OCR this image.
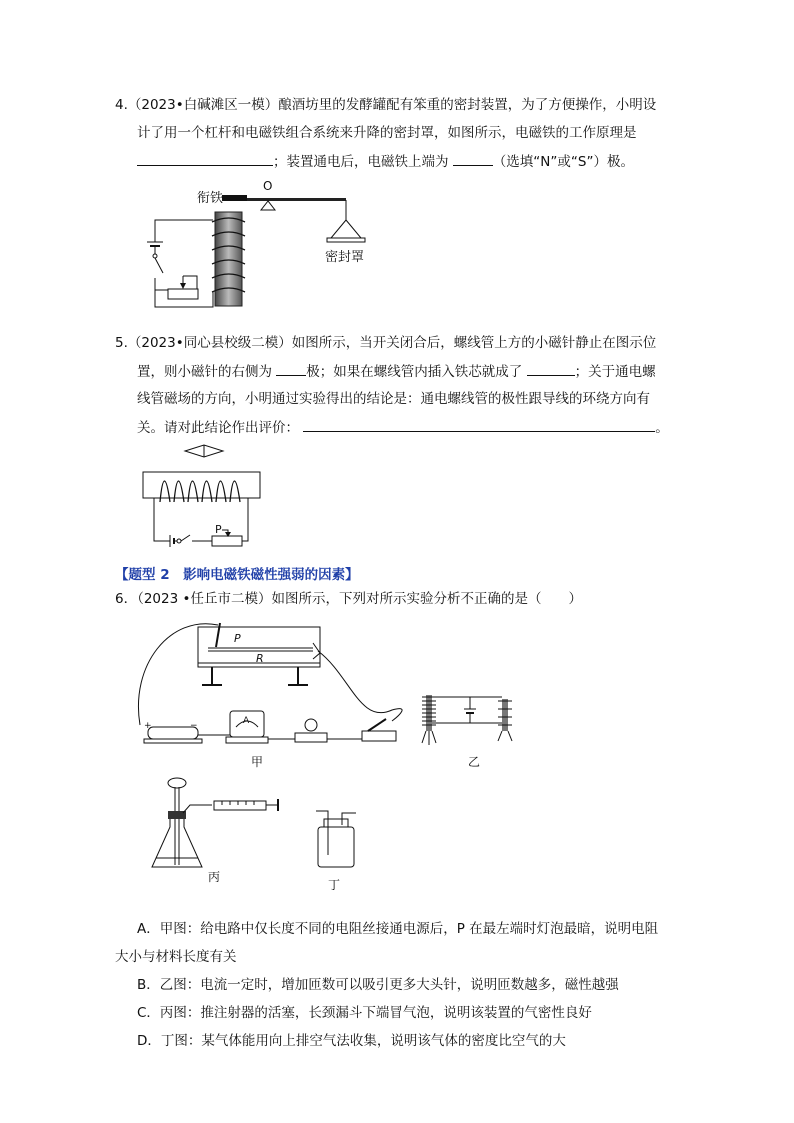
4.（2023•白碱滩区一模）酿酒坊里的发酵罐配有笨重的密封装置，为了方便操作，小明设
计了用一个杠杆和电磁铁组合系统来升降的密封罩，如图所示，电磁铁的工作原理是
；装置通电后，电磁铁上端为	（选填“N”或“S”）极。
衔铁
O
密封罩
5.（2023•同心县校级二模）如图所示，当开关闭合后，螺线管上方的小磁针静止在图示位
置，则小磁针的右侧为	极；如果在螺线管内插入铁芯就成了	；关于通电螺
线管磁场的方向，小明通过实验得出的结论是：通电螺线管的极性跟导线的环绕方向有
关。请对此结论作出评价：	。
P
【题型 2　影响电磁铁磁性强弱的因素】
6．（2023 •任丘市二模）如图所示，下列对所示实验分析不正确的是（　　）
P
R
+	−	A
甲	乙
丙
丁
A．甲图：给电路中仅长度不同的电阻丝接通电源后，P 在最左端时灯泡最暗，说明电阻
大小与材料长度有关
B．乙图：电流一定时，增加匝数可以吸引更多大头针，说明匝数越多，磁性越强
C．丙图：推注射器的活塞，长颈漏斗下端冒气泡，说明该装置的气密性良好
D．丁图：某气体能用向上排空气法收集，说明该气体的密度比空气的大
